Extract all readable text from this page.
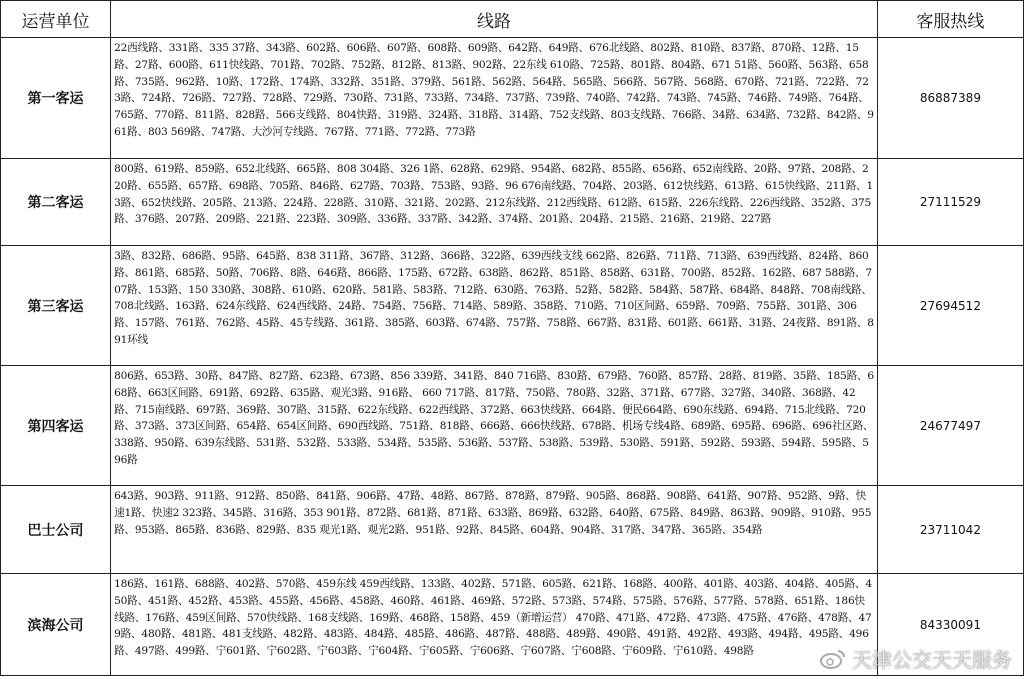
运营单位	线路	客服热线
第一客运	22西线路、331路、335 37路、343路、602路、606路、607路、608路、609路、642路、649路、676北线路、802路、810路、837路、870路、12路、15路、27路、600路、611快线路、701路、702路、752路、812路、813路、902路、22东线 610路、725路、801路、804路、671 51路、560路、563路、658路、735路、962路、10路、172路、174路、332路、351路、379路、561路、562路、564路、565路、566路、567路、568路、670路、721路、722路、723路、724路、726路、727路、728路、729路、730路、731路、733路、734路、737路、739路、740路、742路、743路、745路、746路、749路、764路、765路、770路、811路、828路、566支线路、804快路、319路、324路、318路、314路、752支线路、803支线路、766路、34路、634路、732路、842路、961路、803 569路、747路、大沙河专线路、767路、771路、772路、773路	86887389
第二客运	800路、619路、859路、652北线路、665路、808 304路、326 1路、628路、629路、954路、682路、855路、656路、652南线路、20路、97路、208路、220路、655路、657路、698路、705路、846路、627路、703路、753路、93路、96 676南线路、704路、203路、612快线路、613路、615快线路、211路、13路、652快线路、205路、213路、224路、228路、310路、321路、202路、212东线路、212西线路、612路、615路、226东线路、226西线路、352路、375路、376路、207路、209路、221路、223路、309路、336路、337路、342路、374路、201路、204路、215路、216路、219路、227路	27111529
第三客运	3路、832路、686路、95路、645路、838 311路、367路、312路、366路、322路、639西线支线 662路、826路、711路、713路、639西线路、824路、860路、861路、685路、50路、706路、8路、646路、866路、175路、672路、638路、862路、851路、858路、631路、700路、852路、162路、687 588路、707路、153路、150 330路、308路、610路、620路、581路、583路、712路、630路、763路、52路、582路、584路、587路、684路、848路、708南线路、708北线路、163路、624东线路、624西线路、24路、754路、756路、714路、589路、358路、710路、710区间路、659路、709路、755路、301路、306路、157路、761路、762路、45路、45专线路、361路、385路、603路、674路、757路、758路、667路、831路、601路、661路、31路、24夜路、891路、891环线	27694512
第四客运	806路、653路、30路、847路、827路、623路、673路、856 339路、341路、840 716路、830路、679路、760路、857路、28路、819路、35路、185路、668路、663区间路、691路、692路、635路、观光3路、916路、 660 717路、817路、750路、780路、32路、371路、677路、327路、340路、368路、42路、715南线路、697路、369路、307路、315路、622东线路、622西线路、372路、663快线路、664路、便民664路、690东线路、694路、715北线路、720路、373路、373区间路、654路、654区间路、690西线路、751路、818路、666路、666快线路、678路、机场专线4路、689路、695路、696路、696社区路、338路、950路、639东线路、531路、532路、533路、534路、535路、536路、537路、538路、539路、530路、591路、592路、593路、594路、595路、596路	24677497
巴士公司	643路、903路、911路、912路、850路、841路、906路、47路、48路、867路、878路、879路、905路、868路、908路、641路、907路、952路、9路、快速1路、快速2 323路、345路、316路、353 901路、872路、681路、871路、633路、869路、632路、640路、675路、849路、863路、909路、910路、955路、953路、865路、836路、829路、835 观光1路、观光2路、951路、92路、845路、604路、904路、317路、347路、365路、354路	23711042
滨海公司	186路、161路、688路、402路、570路、459东线 459西线路、133路、402路、571路、605路、621路、168路、400路、401路、403路、404路、405路、450路、451路、452路、453路、455路、456路、458路、460路、461路、469路、572路、573路、574路、575路、576路、577路、578路、651路、186快线路、176路、459区间路、570快线路、168支线路、169路、468路、158路、459（新增运营） 470路、471路、472路、473路、475路、476路、478路、479路、480路、481路、481支线路、482路、483路、484路、485路、486路、487路、488路、489路、490路、491路、492路、493路、494路、495路、496路、497路、499路、宁601路、宁602路、宁603路、宁604路、宁605路、宁606路、宁607路、宁608路、宁609路、宁610路、498路	84330091
天津公交天天服务
